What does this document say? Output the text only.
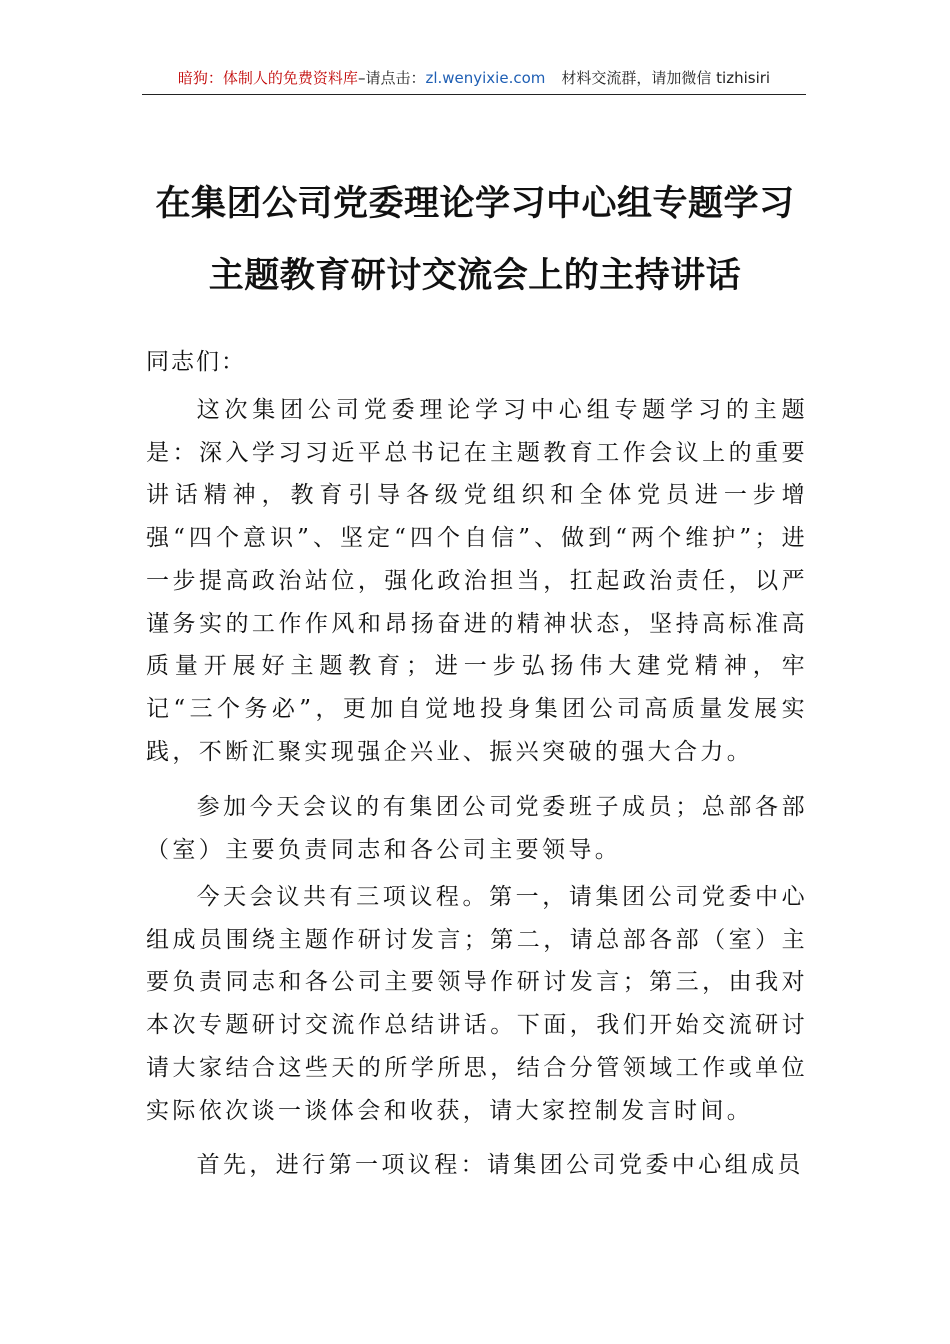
暗狗：体制人的免费资料库–请点击：zl.wenyixie.com 材料交流群，请加微信 tizhisiri
在集团公司党委理论学习中心组专题学习
主题教育研讨交流会上的主持讲话
同志们：

这次集团公司党委理论学习中心组专题学习的主题是：深入学习习近平总书记在主题教育工作会议上的重要讲话精神，教育引导各级党组织和全体党员进一步增强“四个意识”、坚定“四个自信”、做到“两个维护”；进一步提高政治站位，强化政治担当，扛起政治责任，以严谨务实的工作作风和昂扬奋进的精神状态，坚持高标准高质量开展好主题教育；进一步弘扬伟大建党精神，牢记“三个务必”，更加自觉地投身集团公司高质量发展实践，不断汇聚实现强企兴业、振兴突破的强大合力。

参加今天会议的有集团公司党委班子成员；总部各部（室）主要负责同志和各公司主要领导。

今天会议共有三项议程。第一，请集团公司党委中心组成员围绕主题作研讨发言；第二，请总部各部（室）主要负责同志和各公司主要领导作研讨发言；第三，由我对本次专题研讨交流作总结讲话。下面，我们开始交流研讨请大家结合这些天的所学所思，结合分管领域工作或单位实际依次谈一谈体会和收获，请大家控制发言时间。

首先，进行第一项议程：请集团公司党委中心组成员
